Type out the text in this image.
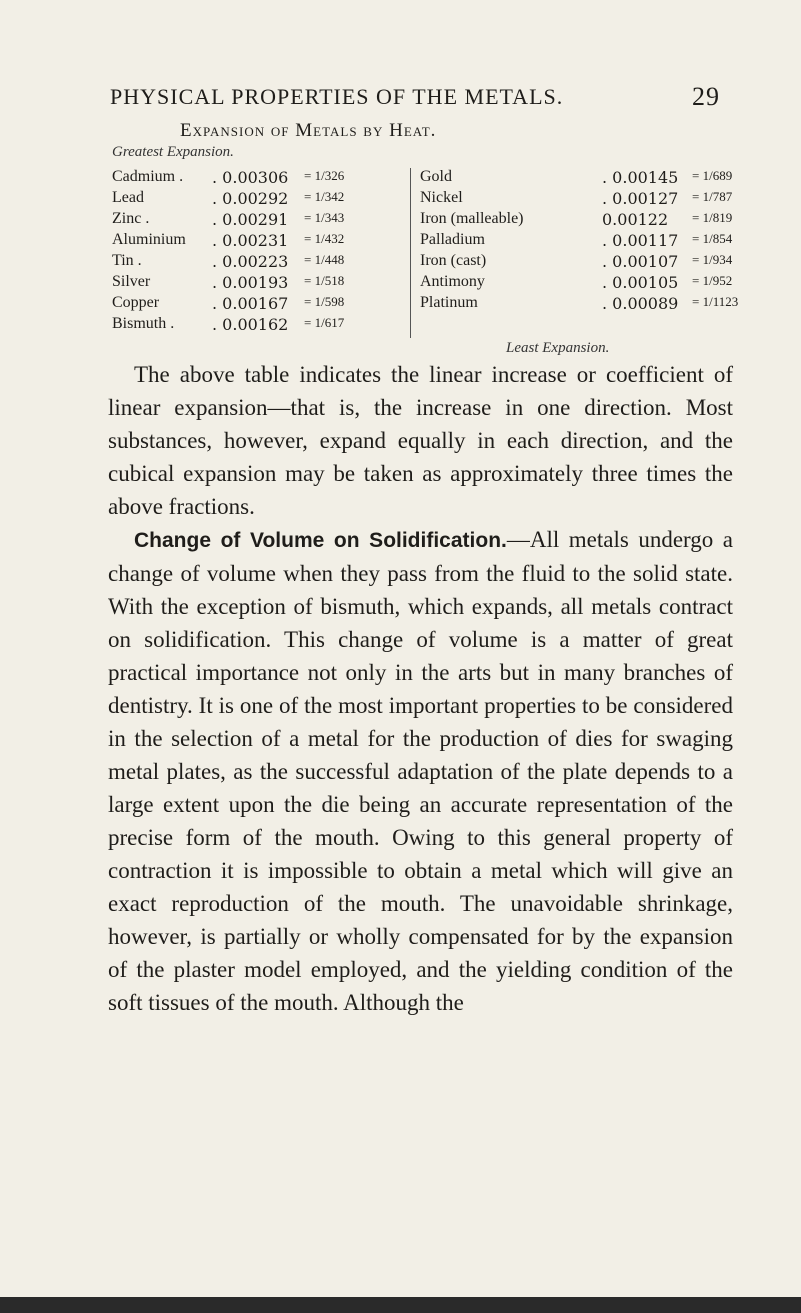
PHYSICAL PROPERTIES OF THE METALS.	29
Expansion of Metals by Heat.
Greatest Expansion.
Cadmium . . 0.00306 = 1/326
Lead	. 0.00292 = 1/342
Zinc .	. 0.00291 = 1/343
Aluminium . 0.00231 = 1/432
Tin .	. 0.00223 = 1/448
Silver	. 0.00193 = 1/518
Copper	. 0.00167 = 1/598
Bismuth . . 0.00162 = 1/617
Gold	. 0.00145 = 1/689
Nickel	. 0.00127 = 1/787
Iron (malleable)	0.00122 = 1/819
Palladium	. 0.00117 = 1/854
Iron (cast)	. 0.00107 = 1/934
Antimony	. 0.00105 = 1/952
Platinum	. 0.00089 = 1/1123
Least Expansion.

The above table indicates the linear increase or coefficient of linear expansion—that is, the increase in one direction. Most substances, however, expand equally in each direction, and the cubical expansion may be taken as approximately three times the above fractions.

Change of Volume on Solidification.—All metals undergo a change of volume when they pass from the fluid to the solid state. With the exception of bismuth, which expands, all metals contract on solidification. This change of volume is a matter of great practical importance not only in the arts but in many branches of dentistry. It is one of the most important properties to be considered in the selection of a metal for the production of dies for swaging metal plates, as the successful adaptation of the plate depends to a large extent upon the die being an accurate representation of the precise form of the mouth. Owing to this general property of contraction it is impossible to obtain a metal which will give an exact reproduction of the mouth. The unavoidable shrinkage, however, is partially or wholly compensated for by the expansion of the plaster model employed, and the yielding condition of the soft tissues of the mouth. Although the
